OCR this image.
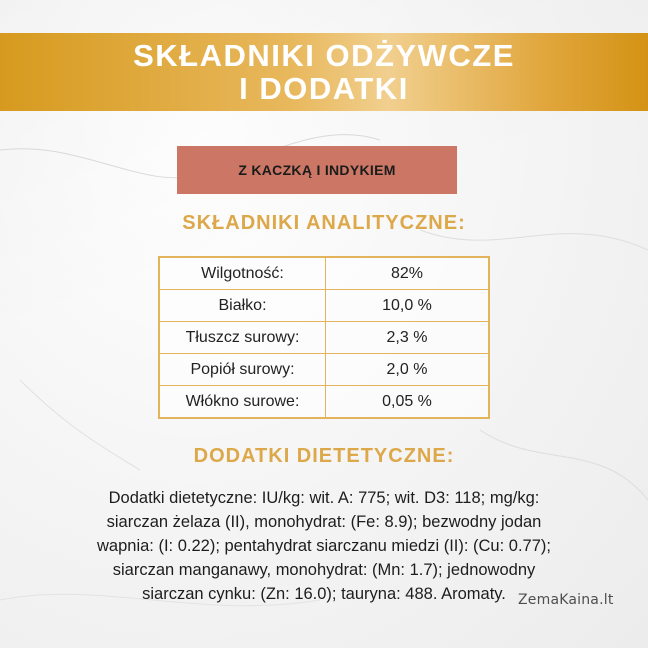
SKŁADNIKI ODŻYWCZE
I DODATKI
Z KACZKĄ I INDYKIEM
SKŁADNIKI ANALITYCZNE:
Wilgotność:	82%
Białko:	10,0 %
Tłuszcz surowy:	2,3 %
Popiół surowy:	2,0 %
Włókno surowe:	0,05 %
DODATKI DIETETYCZNE:
Dodatki dietetyczne: IU/kg: wit. A: 775; wit. D3: 118; mg/kg:
siarczan żelaza (II), monohydrat: (Fe: 8.9); bezwodny jodan
wapnia: (I: 0.22); pentahydrat siarczanu miedzi (II): (Cu: 0.77);
siarczan manganawy, monohydrat: (Mn: 1.7); jednowodny
siarczan cynku: (Zn: 16.0); tauryna: 488. Aromaty. ZemaKaina.lt
